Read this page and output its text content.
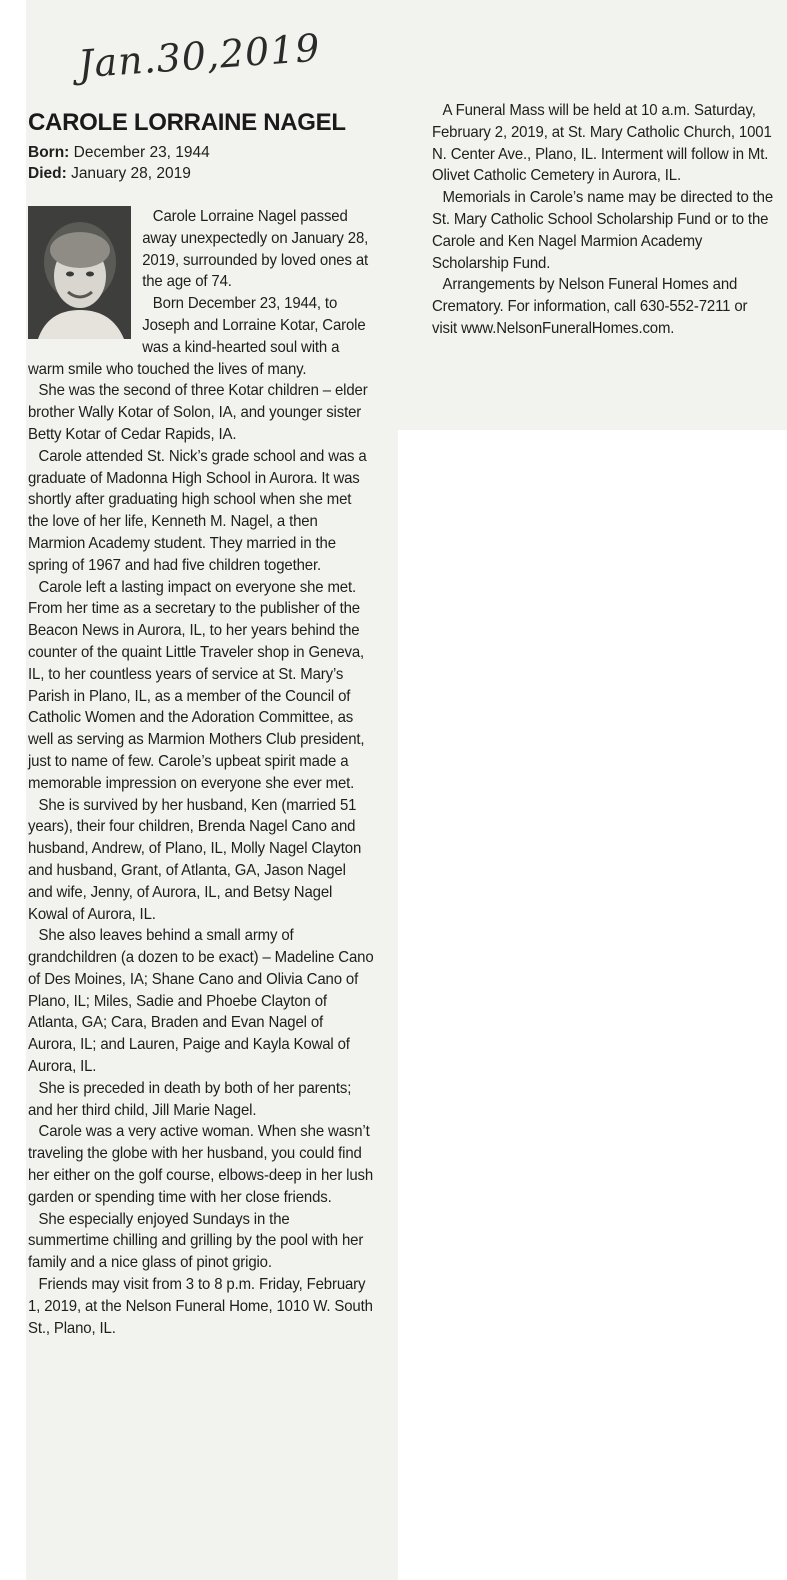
Jan.30,2019

CAROLE LORRAINE NAGEL
Born: December 23, 1944
Died: January 28, 2019

Carole Lorraine Nagel passed away unexpectedly on January 28, 2019, surrounded by loved ones at the age of 74.

Born December 23, 1944, to Joseph and Lorraine Kotar, Carole was a kind-hearted soul with a warm smile who touched the lives of many.

She was the second of three Kotar children – elder brother Wally Kotar of Solon, IA, and younger sister Betty Kotar of Cedar Rapids, IA.

Carole attended St. Nick’s grade school and was a graduate of Madonna High School in Aurora. It was shortly after graduating high school when she met the love of her life, Kenneth M. Nagel, a then Marmion Academy student. They married in the spring of 1967 and had five children together.

Carole left a lasting impact on everyone she met. From her time as a secretary to the publisher of the Beacon News in Aurora, IL, to her years behind the counter of the quaint Little Traveler shop in Geneva, IL, to her countless years of service at St. Mary’s Parish in Plano, IL, as a member of the Council of Catholic Women and the Adoration Committee, as well as serving as Marmion Mothers Club president, just to name of few. Carole’s upbeat spirit made a memorable impression on everyone she ever met.

She is survived by her husband, Ken (married 51 years), their four children, Brenda Nagel Cano and husband, Andrew, of Plano, IL, Molly Nagel Clayton and husband, Grant, of Atlanta, GA, Jason Nagel and wife, Jenny, of Aurora, IL, and Betsy Nagel Kowal of Aurora, IL.

She also leaves behind a small army of grandchildren (a dozen to be exact) – Madeline Cano of Des Moines, IA; Shane Cano and Olivia Cano of Plano, IL; Miles, Sadie and Phoebe Clayton of Atlanta, GA; Cara, Braden and Evan Nagel of Aurora, IL; and Lauren, Paige and Kayla Kowal of Aurora, IL.

She is preceded in death by both of her parents; and her third child, Jill Marie Nagel.

Carole was a very active woman. When she wasn’t traveling the globe with her husband, you could find her either on the golf course, elbows-deep in her lush garden or spending time with her close friends.

She especially enjoyed Sundays in the summertime chilling and grilling by the pool with her family and a nice glass of pinot grigio.

Friends may visit from 3 to 8 p.m. Friday, February 1, 2019, at the Nelson Funeral Home, 1010 W. South St., Plano, IL.

A Funeral Mass will be held at 10 a.m. Saturday, February 2, 2019, at St. Mary Catholic Church, 1001 N. Center Ave., Plano, IL. Interment will follow in Mt. Olivet Catholic Cemetery in Aurora, IL.

Memorials in Carole’s name may be directed to the St. Mary Catholic School Scholarship Fund or to the Carole and Ken Nagel Marmion Academy Scholarship Fund.

Arrangements by Nelson Funeral Homes and Crematory. For information, call 630-552-7211 or visit www.NelsonFuneralHomes.com.
